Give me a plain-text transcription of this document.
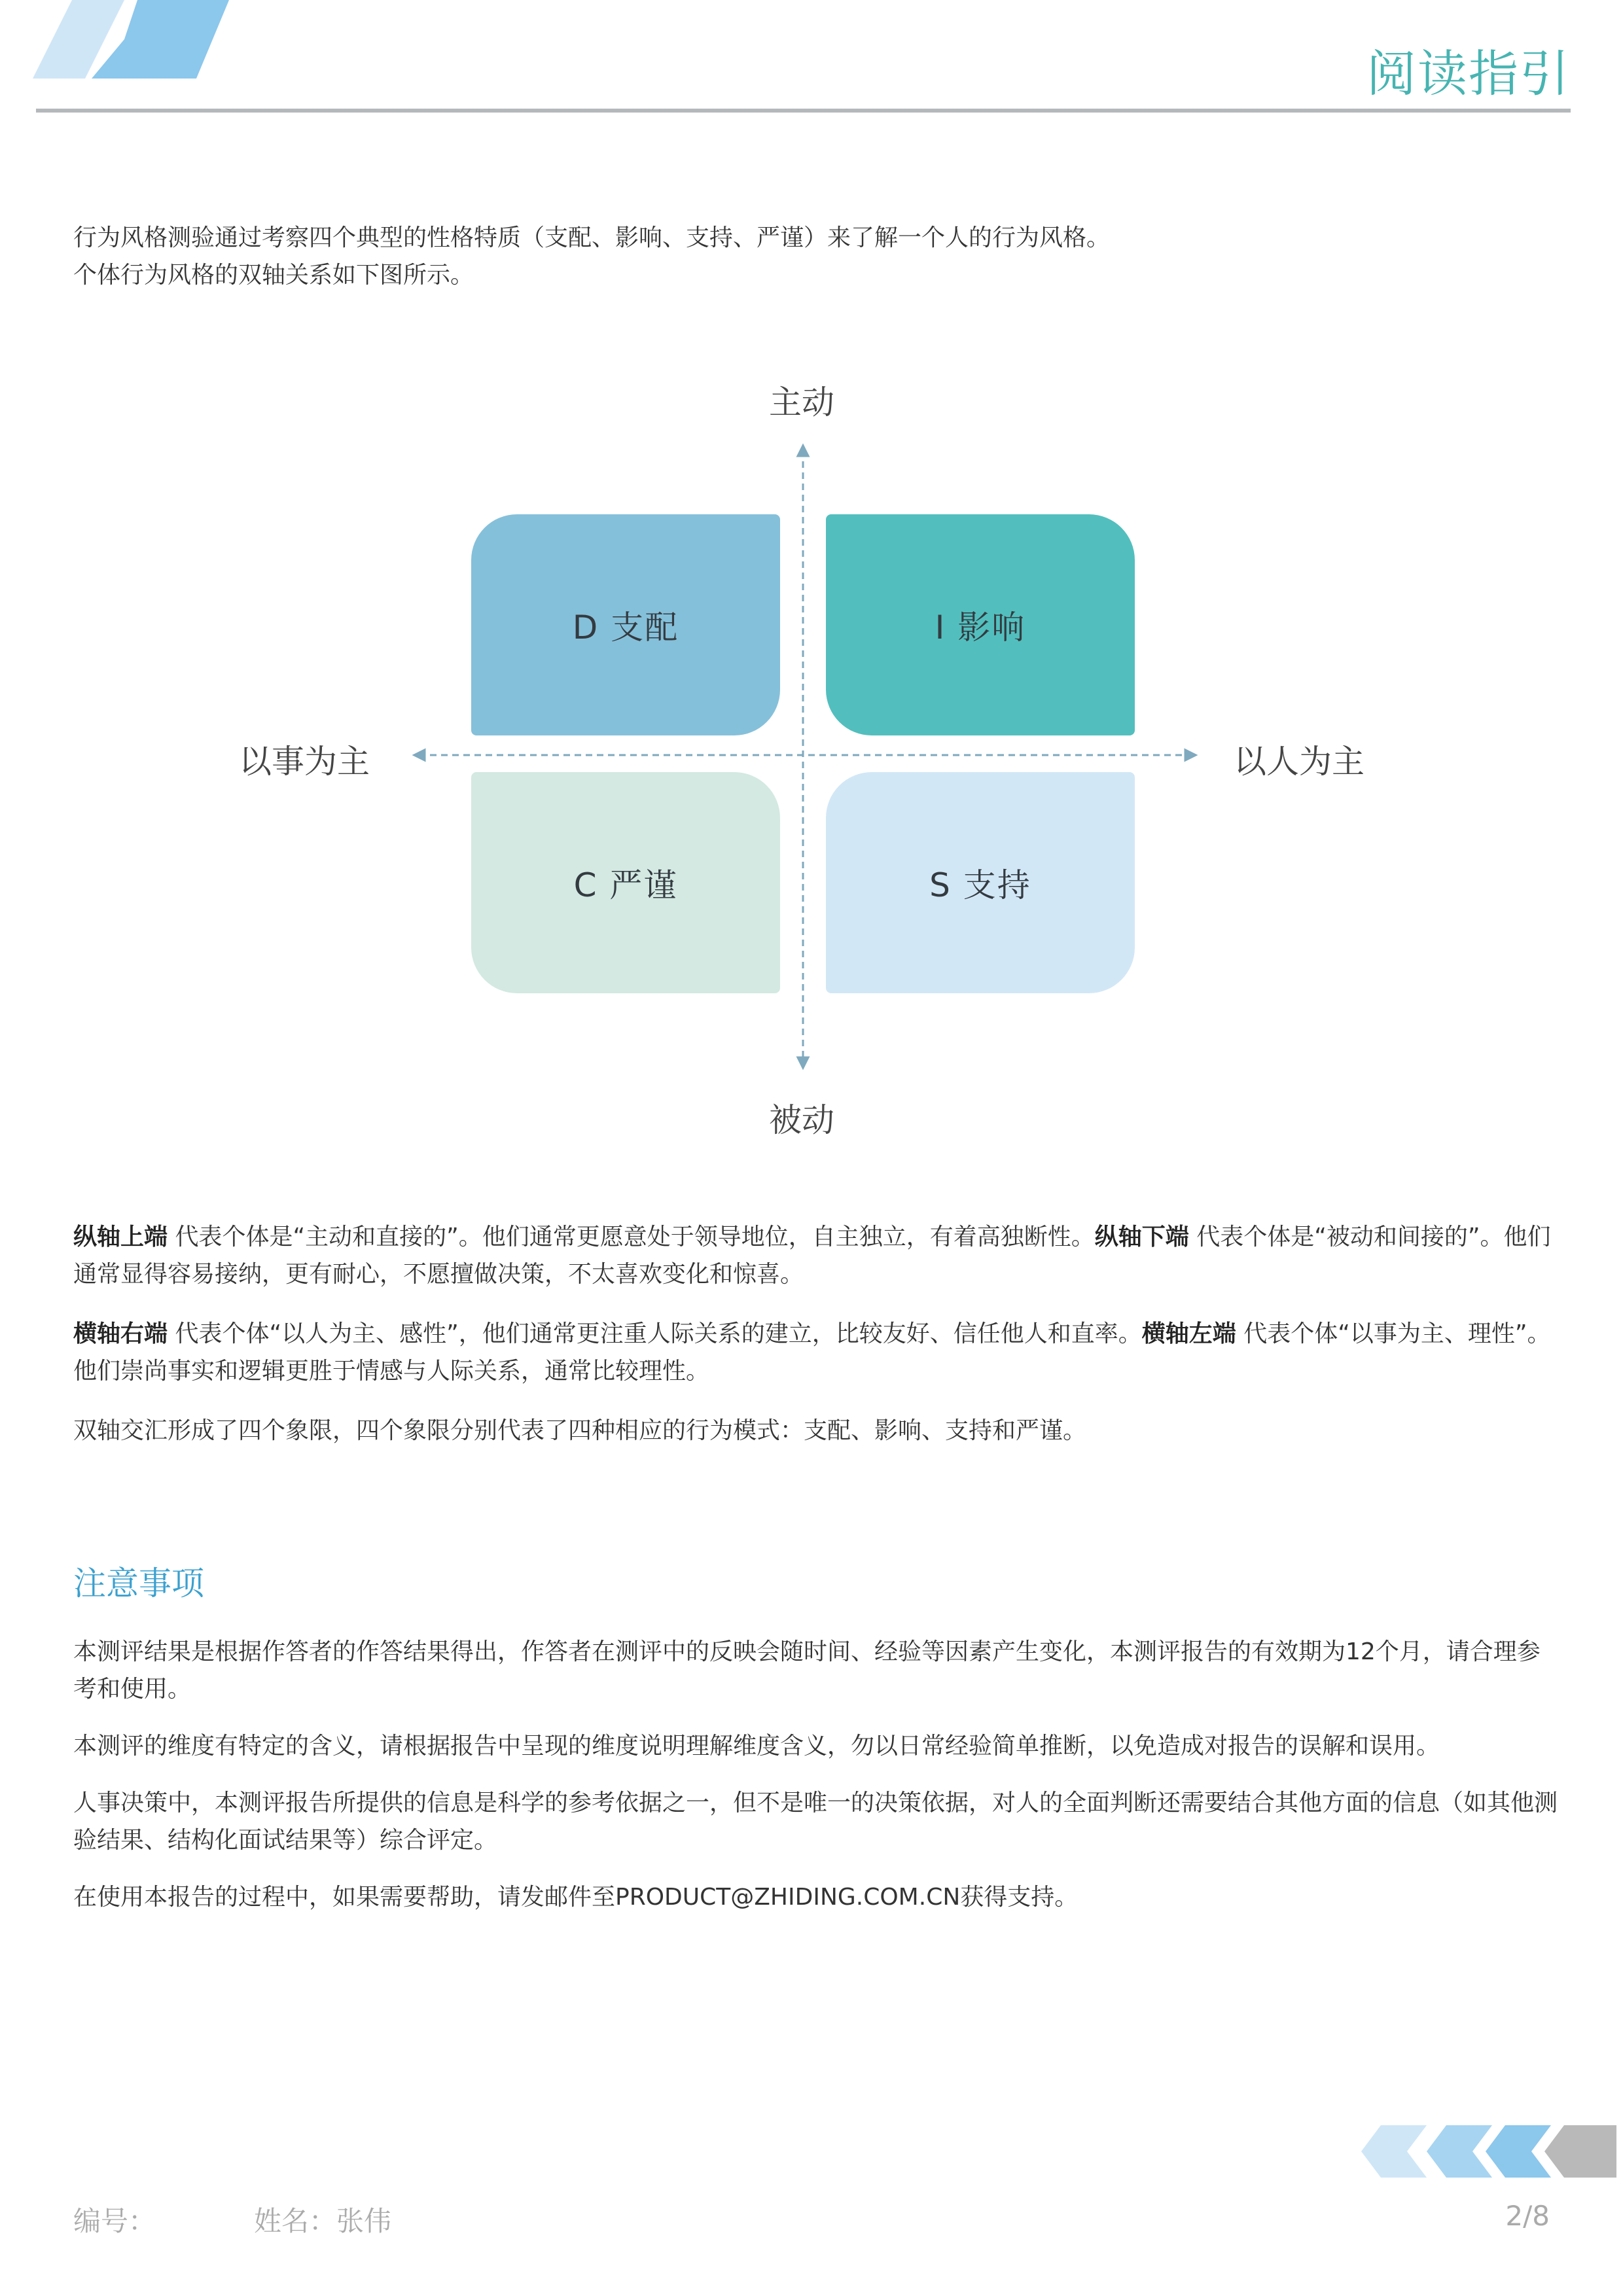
阅读指引

行为风格测验通过考察四个典型的性格特质（支配、影响、支持、严谨）来了解一个人的行为风格。
个体行为风格的双轴关系如下图所示。

主动
被动
以事为主	以人为主
D 支配	I 影响
C 严谨	S 支持

纵轴上端 代表个体是“主动和直接的”。他们通常更愿意处于领导地位，自主独立，有着高独断性。纵轴下端 代表个体是“被动和间接的”。他们通常显得容易接纳，更有耐心，不愿擅做决策，不太喜欢变化和惊喜。

横轴右端 代表个体“以人为主、感性”，他们通常更注重人际关系的建立，比较友好、信任他人和直率。横轴左端 代表个体“以事为主、理性”。他们崇尚事实和逻辑更胜于情感与人际关系，通常比较理性。

双轴交汇形成了四个象限，四个象限分别代表了四种相应的行为模式：支配、影响、支持和严谨。

注意事项

本测评结果是根据作答者的作答结果得出，作答者在测评中的反映会随时间、经验等因素产生变化，本测评报告的有效期为12个月，请合理参考和使用。

本测评的维度有特定的含义，请根据报告中呈现的维度说明理解维度含义，勿以日常经验简单推断，以免造成对报告的误解和误用。

人事决策中，本测评报告所提供的信息是科学的参考依据之一，但不是唯一的决策依据，对人的全面判断还需要结合其他方面的信息（如其他测验结果、结构化面试结果等）综合评定。

在使用本报告的过程中，如果需要帮助，请发邮件至PRODUCT@ZHIDING.COM.CN获得支持。

编号：	姓名：张伟	2/8
